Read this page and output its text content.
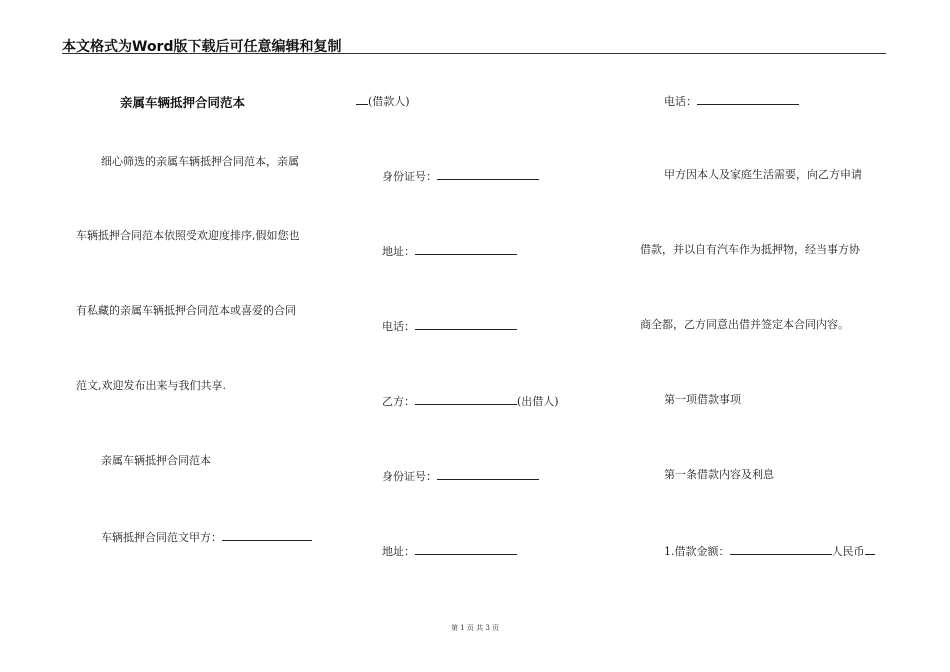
本文格式为Word版下载后可任意编辑和复制
亲属车辆抵押合同范本
细心筛选的亲属车辆抵押合同范本，亲属
车辆抵押合同范本依照受欢迎度排序,假如您也
有私藏的亲属车辆抵押合同范本或喜爱的合同
范文,欢迎发布出来与我们共享.
亲属车辆抵押合同范本
车辆抵押合同范文甲方：
(借款人)
身份证号：
地址：
电话：
乙方：	(出借人)
身份证号：
地址：
电话：
甲方因本人及家庭生活需要，向乙方申请
借款，并以自有汽车作为抵押物，经当事方协
商全都，乙方同意出借并签定本合同内容。
第一项借款事项
第一条借款内容及利息
1.借款金额：	人民币
第 1 页 共 3 页
